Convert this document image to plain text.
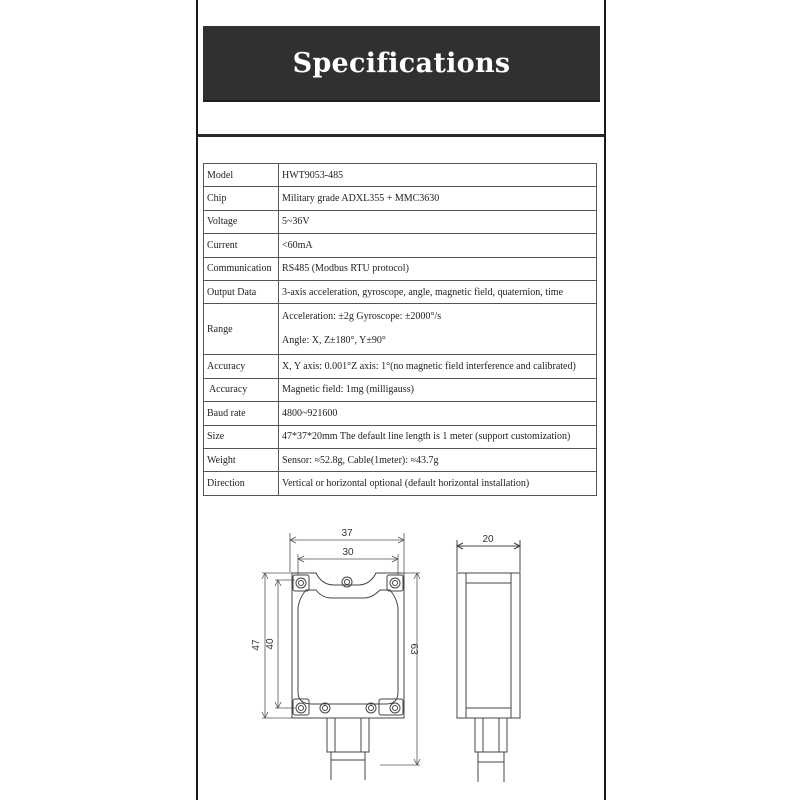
Specifications
Model	HWT9053-485
Chip	Military grade ADXL355 + MMC3630
Voltage	5~36V
Current	<60mA
Communication	RS485 (Modbus RTU protocol)
Output Data	3-axis acceleration, gyroscope, angle, magnetic field, quaternion, time
Range	Acceleration: ±2g Gyroscope: ±2000°/s
Angle: X, Z±180°, Y±90°

Accuracy	X, Y axis: 0.001°Z axis: 1°(no magnetic field interference and calibrated)
Accuracy	Magnetic field: 1mg (milligauss)
Baud rate	4800~921600
Size	47*37*20mm The default line length is 1 meter (support customization)
Weight	Sensor: ≈52.8g, Cable(1meter): ≈43.7g
Direction	Vertical or horizontal optional (default horizontal installation)
37
30
47 40	63
20
